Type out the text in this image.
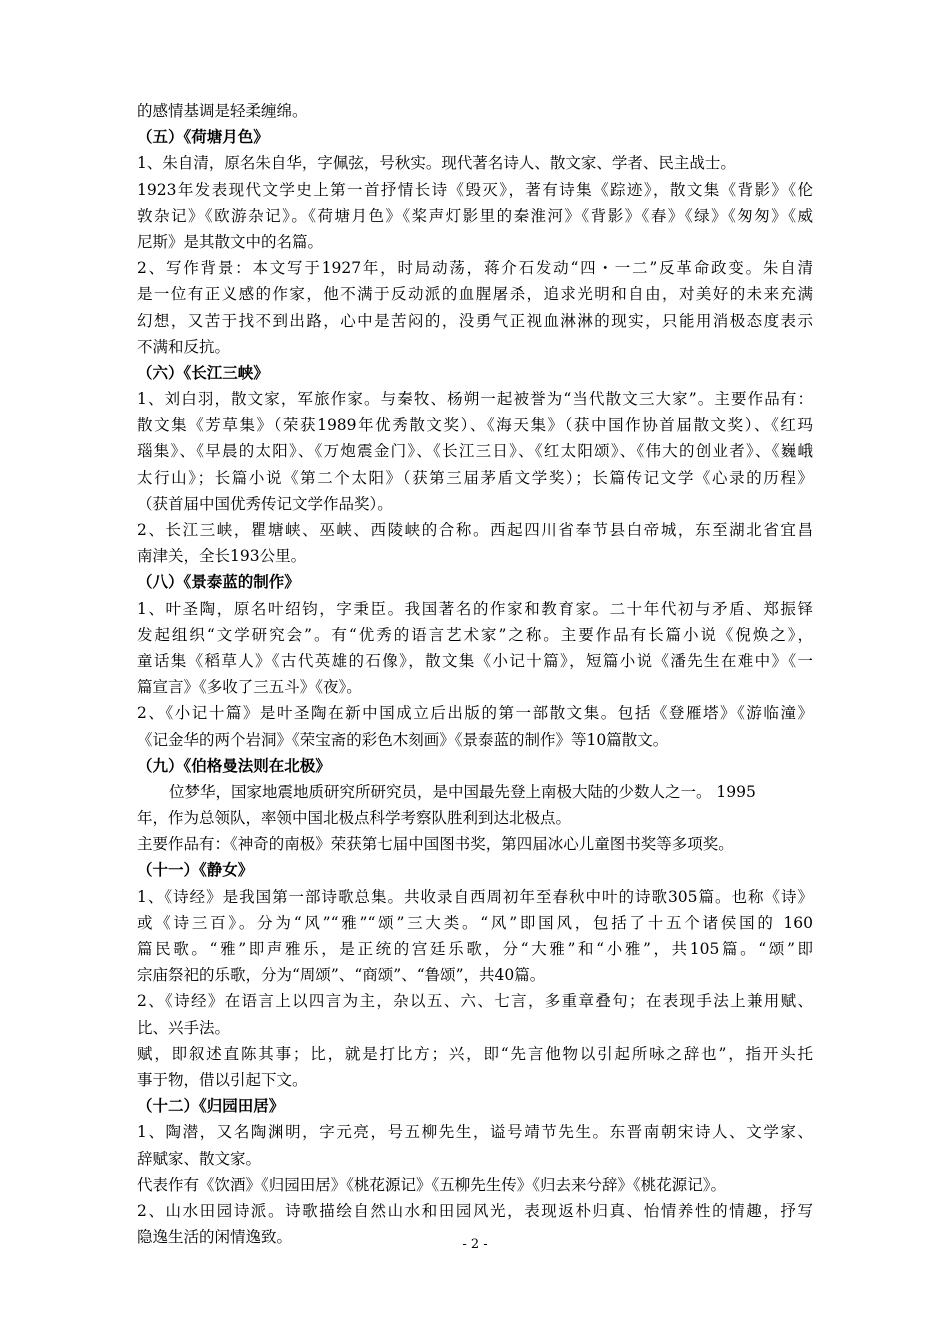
的感情基调是轻柔缠绵。
（五）《荷塘月色》
1、朱自清，原名朱自华，字佩弦，号秋实。现代著名诗人、散文家、学者、民主战士。
1923年发表现代文学史上第一首抒情长诗《毁灭》，著有诗集《踪迹》，散文集《背影》《伦
敦杂记》《欧游杂记》。《荷塘月色》《桨声灯影里的秦淮河》《背影》《春》《绿》《匆匆》《威
尼斯》是其散文中的名篇。
2、写作背景：本文写于1927年，时局动荡，蒋介石发动“四・一二”反革命政变。朱自清
是一位有正义感的作家，他不满于反动派的血腥屠杀，追求光明和自由，对美好的未来充满
幻想，又苦于找不到出路，心中是苦闷的，没勇气正视血淋淋的现实，只能用消极态度表示
不满和反抗。
（六）《长江三峡》
1、刘白羽，散文家，军旅作家。与秦牧、杨朔一起被誉为“当代散文三大家”。主要作品有：
散文集《芳草集》（荣获1989年优秀散文奖）、《海天集》（获中国作协首届散文奖）、《红玛
瑙集》、《早晨的太阳》、《万炮震金门》、《长江三日》、《红太阳颂》、《伟大的创业者》、《巍峨
太行山》；长篇小说《第二个太阳》（获第三届茅盾文学奖）；长篇传记文学《心录的历程》
（获首届中国优秀传记文学作品奖）。
2、长江三峡，瞿塘峡、巫峡、西陵峡的合称。西起四川省奉节县白帝城，东至湖北省宜昌
南津关，全长193公里。
（八）《景泰蓝的制作》
1、叶圣陶，原名叶绍钧，字秉臣。我国著名的作家和教育家。二十年代初与矛盾、郑振铎
发起组织“文学研究会”。有“优秀的语言艺术家”之称。主要作品有长篇小说《倪焕之》，
童话集《稻草人》《古代英雄的石像》，散文集《小记十篇》，短篇小说《潘先生在难中》《一
篇宣言》《多收了三五斗》《夜》。
2、《小记十篇》是叶圣陶在新中国成立后出版的第一部散文集。包括《登雁塔》《游临潼》
《记金华的两个岩洞》《荣宝斋的彩色木刻画》《景泰蓝的制作》等10篇散文。
（九）《伯格曼法则在北极》
位梦华，国家地震地质研究所研究员，是中国最先登上南极大陆的少数人之一。 1995
年，作为总领队，率领中国北极点科学考察队胜利到达北极点。
主要作品有：《神奇的南极》荣获第七届中国图书奖，第四届冰心儿童图书奖等多项奖。
（十一）《静女》
1、《诗经》是我国第一部诗歌总集。共收录自西周初年至春秋中叶的诗歌305篇。也称《诗》
或《诗三百》。分为“风”“雅”“颂”三大类。“风”即国风，包括了十五个诸侯国的 160
篇民歌。“雅”即声雅乐，是正统的宫廷乐歌，分“大雅”和“小雅”，共105篇。“颂”即
宗庙祭祀的乐歌，分为“周颂”、“商颂”、“鲁颂”，共40篇。
2、《诗经》在语言上以四言为主，杂以五、六、七言，多重章叠句；在表现手法上兼用赋、
比、兴手法。
赋，即叙述直陈其事；比，就是打比方；兴，即“先言他物以引起所咏之辞也”，指开头托
事于物，借以引起下文。
（十二）《归园田居》
1、陶潜，又名陶渊明，字元亮，号五柳先生，谥号靖节先生。东晋南朝宋诗人、文学家、
辞赋家、散文家。
代表作有《饮酒》《归园田居》《桃花源记》《五柳先生传》《归去来兮辞》《桃花源记》。
2、山水田园诗派。诗歌描绘自然山水和田园风光，表现返朴归真、怡情养性的情趣，抒写
隐逸生活的闲情逸致。	- 2 -
